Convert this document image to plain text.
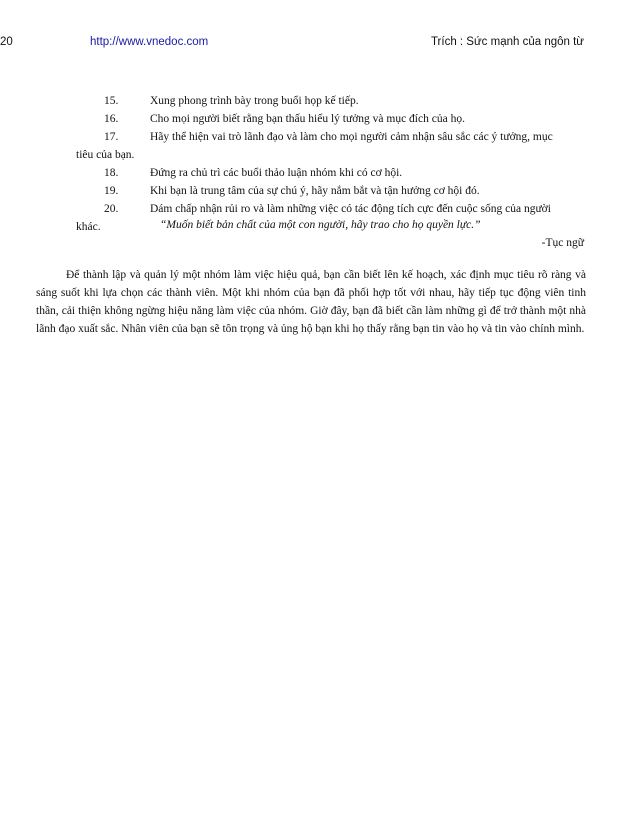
20	http://www.vnedoc.com	Trích : Sức mạnh của ngôn từ
15.	Xung phong trình bày trong buổi họp kế tiếp.
16.	Cho mọi người biết rằng bạn thấu hiểu lý tưởng và mục đích của họ.
17.	Hãy thể hiện vai trò lãnh đạo và làm cho mọi người cảm nhận sâu sắc các ý tưởng, mục
tiêu của bạn.
18.	Đứng ra chủ trì các buổi thảo luận nhóm khi có cơ hội.
19.	Khi bạn là trung tâm của sự chú ý, hãy nắm bắt và tận hưởng cơ hội đó.
20.	Dám chấp nhận rủi ro và làm những việc có tác động tích cực đến cuộc sống của người
khác.	“Muốn biết bản chất của một con người, hãy trao cho họ quyền lực.”
-Tục ngữ

Để thành lập và quản lý một nhóm làm việc hiệu quả, bạn cần biết lên kế hoạch, xác định mục tiêu rõ ràng và sáng suốt khi lựa chọn các thành viên. Một khi nhóm của bạn đã phối hợp tốt với nhau, hãy tiếp tục động viên tinh thần, cải thiện không ngừng hiệu năng làm việc của nhóm. Giờ đây, bạn đã biết cần làm những gì để trở thành một nhà lãnh đạo xuất sắc. Nhân viên của bạn sẽ tôn trọng và ủng hộ bạn khi họ thấy rằng bạn tin vào họ và tin vào chính mình.
